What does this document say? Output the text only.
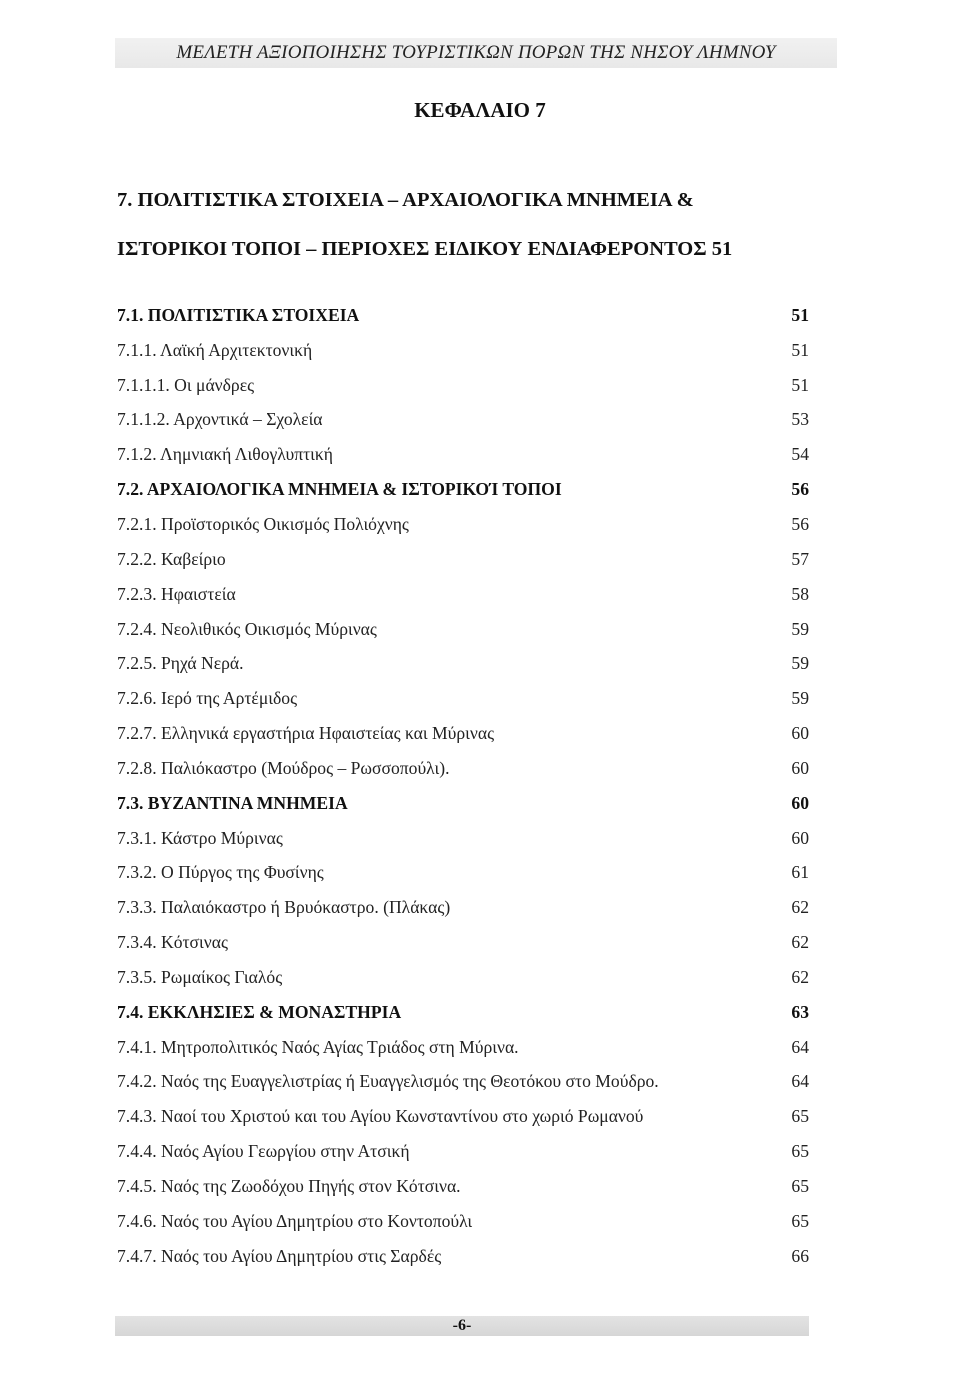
ΜΕΛΕΤΗ ΑΞΙΟΠΟΙΗΣΗΣ ΤΟΥΡΙΣΤΙΚΩΝ ΠΟΡΩΝ ΤΗΣ ΝΗΣΟΥ ΛΗΜΝΟΥ
ΚΕΦΑΛΑΙΟ 7
7. ΠΟΛΙΤΙΣΤΙΚΑ ΣΤΟΙΧΕΙΑ – ΑΡΧΑΙΟΛΟΓΙΚΑ ΜΝΗΜΕΙΑ &
ΙΣΤΟΡΙΚΟΙ ΤΟΠΟΙ – ΠΕΡΙΟΧΕΣ ΕΙΔΙΚΟΥ ΕΝΔΙΑΦΕΡΟΝΤΟΣ 51
7.1. ΠΟΛΙΤΙΣΤΙΚΑ ΣΤΟΙΧΕΙΑ	51
7.1.1. Λαϊκή Αρχιτεκτονική	51
7.1.1.1. Οι μάνδρες	51
7.1.1.2. Αρχοντικά – Σχολεία	53
7.1.2. Λημνιακή Λιθογλυπτική	54
7.2. ΑΡΧΑΙΟΛΟΓΙΚΑ ΜΝΗΜΕΙΑ & ΙΣΤΟΡΙΚΟΊ ΤΟΠΟΙ	56
7.2.1. Προϊστορικός Οικισμός Πολιόχνης	56
7.2.2. Καβείριο	57
7.2.3. Ηφαιστεία	58
7.2.4. Νεολιθικός Οικισμός Μύρινας	59
7.2.5. Ρηχά Νερά.	59
7.2.6. Ιερό της Αρτέμιδος	59
7.2.7. Ελληνικά εργαστήρια Ηφαιστείας και Μύρινας	60
7.2.8. Παλιόκαστρο (Μούδρος – Ρωσσοπούλι).	60
7.3. ΒΥΖΑΝΤΙΝΑ ΜΝΗΜΕΙΑ	60
7.3.1. Κάστρο Μύρινας	60
7.3.2. Ο Πύργος της Φυσίνης	61
7.3.3. Παλαιόκαστρο ή Βρυόκαστρο. (Πλάκας)	62
7.3.4. Κότσινας	62
7.3.5. Ρωμαίκος Γιαλός	62
7.4. ΕΚΚΛΗΣΙΕΣ & ΜΟΝΑΣΤΗΡΙΑ	63
7.4.1. Μητροπολιτικός Ναός Αγίας Τριάδος στη Μύρινα.	64
7.4.2. Ναός της Ευαγγελιστρίας ή Ευαγγελισμός της Θεοτόκου στο Μούδρο.	64
7.4.3. Ναοί του Χριστού και του Αγίου Κωνσταντίνου στο χωριό Ρωμανού	65
7.4.4. Ναός Αγίου Γεωργίου στην Ατσική	65
7.4.5. Ναός της Ζωοδόχου Πηγής στον Κότσινα.	65
7.4.6. Ναός του Αγίου Δημητρίου στο Κοντοπούλι	65
7.4.7. Ναός του Αγίου Δημητρίου στις Σαρδές	66
-6-
